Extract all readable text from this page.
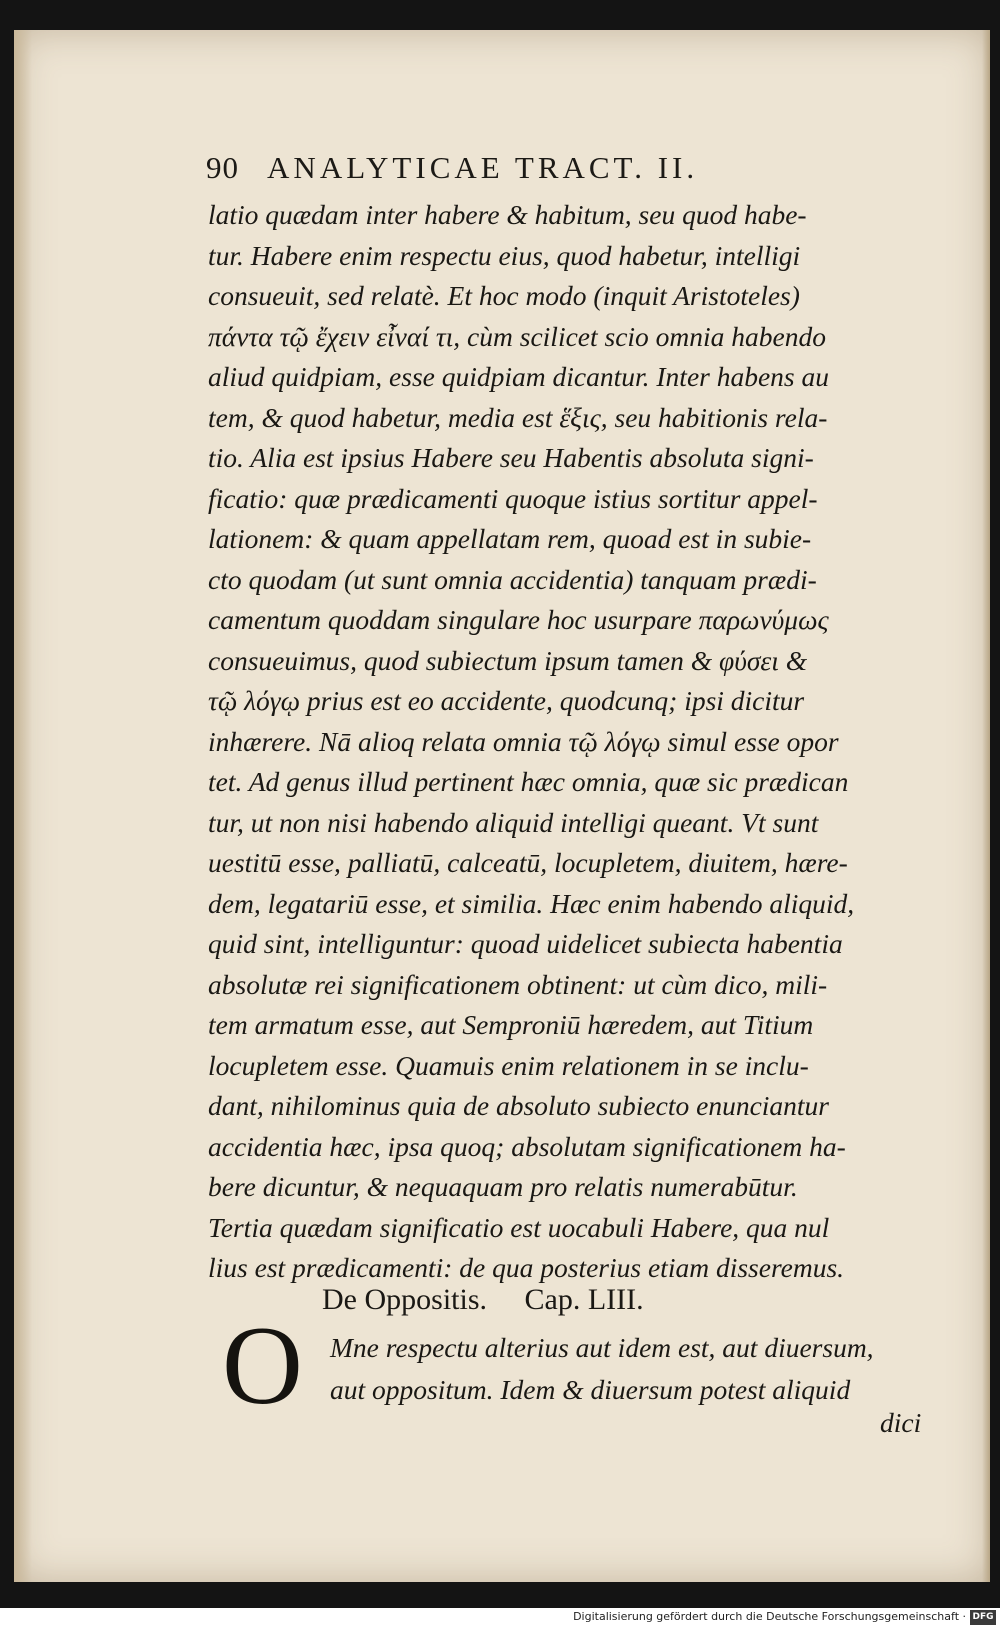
90 ANALYTICAE TRACT. II.
latio quædam inter habere & habitum, seu quod habe-
tur. Habere enim respectu eius, quod habetur, intelligi
consueuit, sed relatè. Et hoc modo (inquit Aristoteles)
πάντα τῷ ἔχειν εἶναί τι, cùm scilicet scio omnia habendo
aliud quidpiam, esse quidpiam dicantur. Inter habens au
tem, & quod habetur, media est ἕξις, seu habitionis rela-
tio. Alia est ipsius Habere seu Habentis absoluta signi-
ficatio: quæ prædicamenti quoque istius sortitur appel-
lationem: & quam appellatam rem, quoad est in subie-
cto quodam (ut sunt omnia accidentia) tanquam prædi-
camentum quoddam singulare hoc usurpare παρωνύμως
consueuimus, quod subiectum ipsum tamen & φύσει &
τῷ λόγῳ prius est eo accidente, quodcunq; ipsi dicitur
inhærere. Nā alioq relata omnia τῷ λόγῳ simul esse opor
tet. Ad genus illud pertinent hæc omnia, quæ sic prædican
tur, ut non nisi habendo aliquid intelligi queant. Vt sunt
uestitū esse, palliatū, calceatū, locupletem, diuitem, hære-
dem, legatariū esse, et similia. Hæc enim habendo aliquid,
quid sint, intelliguntur: quoad uidelicet subiecta habentia
absolutæ rei significationem obtinent: ut cùm dico, mili-
tem armatum esse, aut Semproniū hæredem, aut Titium
locupletem esse. Quamuis enim relationem in se inclu-
dant, nihilominus quia de absoluto subiecto enunciantur
accidentia hæc, ipsa quoq; absolutam significationem ha-
bere dicuntur, & nequaquam pro relatis numerabūtur.
Tertia quædam significatio est uocabuli Habere, qua nul
lius est prædicamenti: de qua posterius etiam disseremus.
De Oppositis. Cap. LIII.
O Mne respectu alterius aut idem est, aut diuersum,
aut oppositum. Idem & diuersum potest aliquid
dici
Digitalisierung gefördert durch die Deutsche Forschungsgemeinschaft · DFG
